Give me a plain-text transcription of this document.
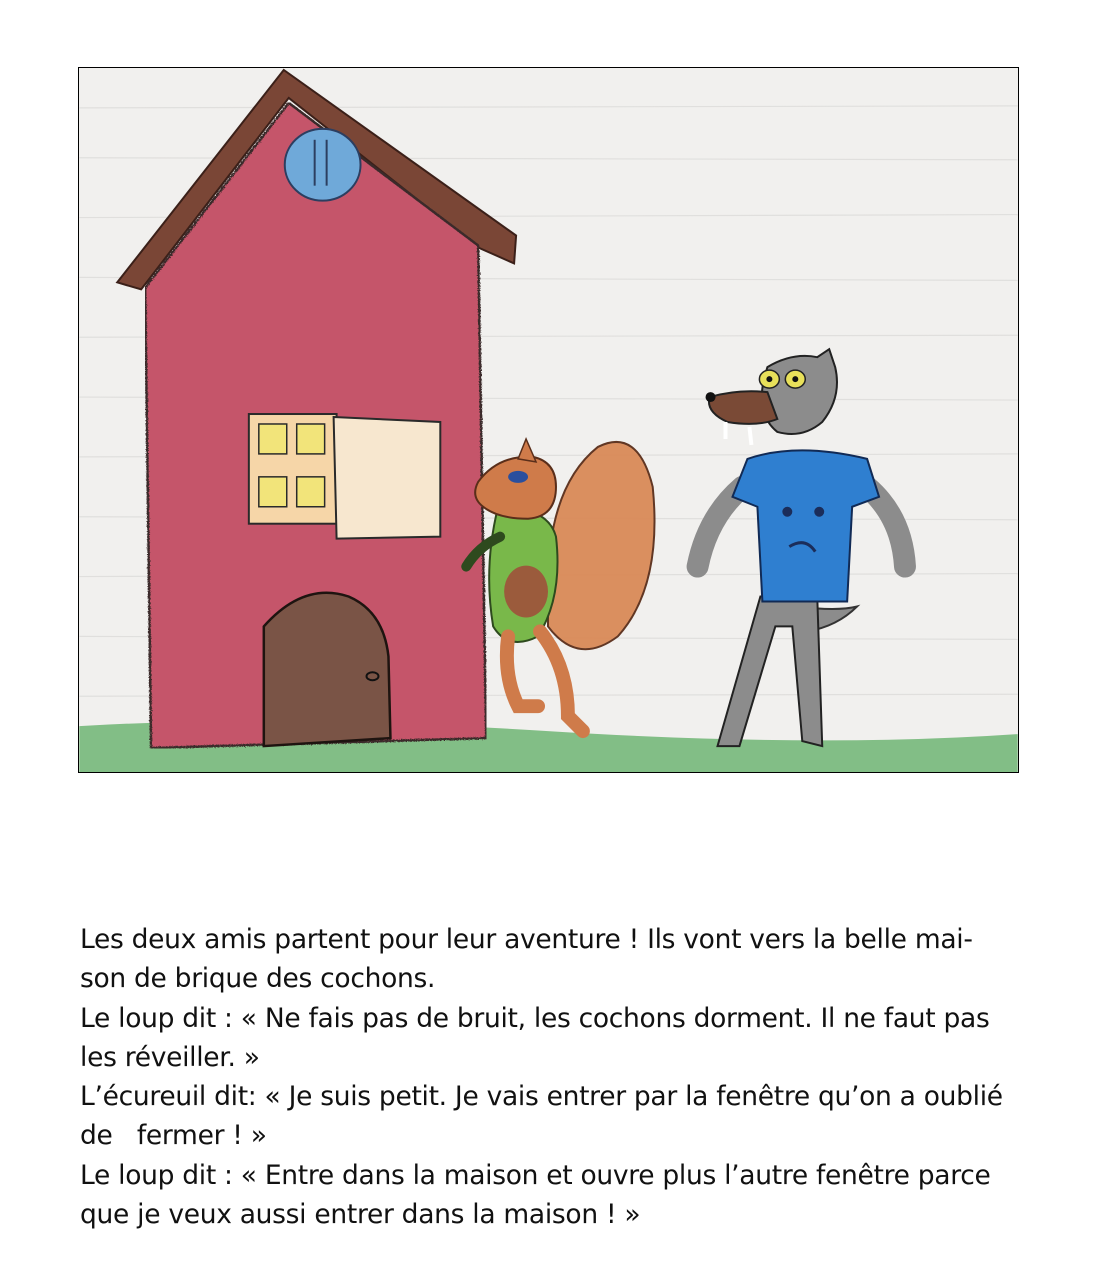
Les deux amis partent pour leur aventure ! Ils vont vers la belle mai-
son de brique des cochons.
Le loup dit : « Ne fais pas de bruit, les cochons dorment. Il ne faut pas
les réveiller. »
L’écureuil dit: « Je suis petit. Je vais entrer par la fenêtre qu’on a oublié
de   fermer ! »
Le loup dit : « Entre dans la maison et ouvre plus l’autre fenêtre parce
que je veux aussi entrer dans la maison ! »
